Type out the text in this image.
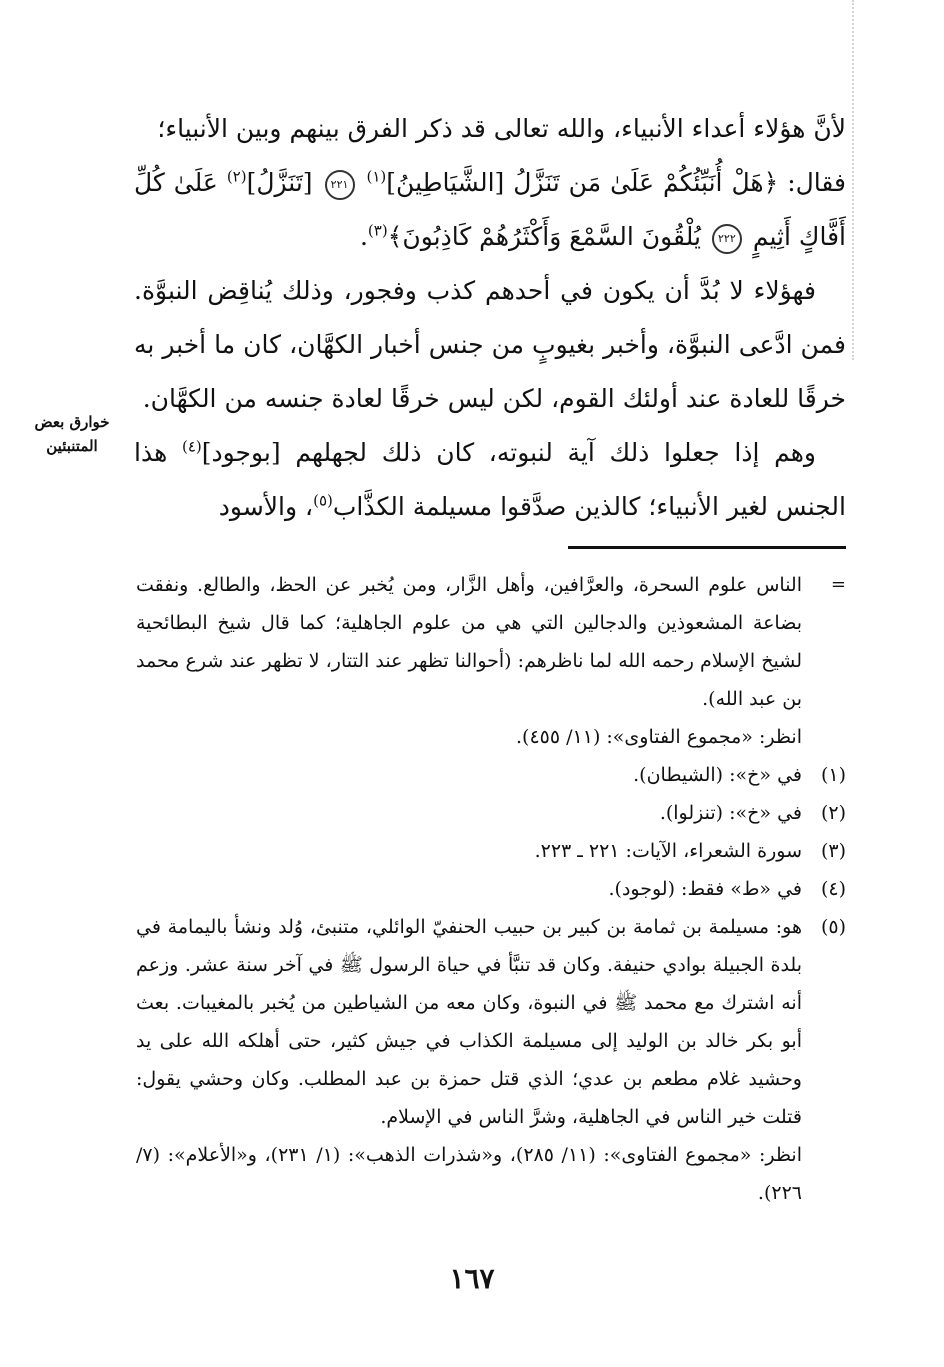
لأنَّ هؤلاء أعداء الأنبياء، والله تعالى قد ذكر الفرق بينهم وبين الأنبياء؛

فقال: ﴿هَلْ أُنَبِّئُكُمْ عَلَىٰ مَن تَنَزَّلُ [الشَّيَاطِينُ]$^{(١)}$ ٢٢١ [تَنَزَّلُ]$^{(٢)}$ عَلَىٰ كُلِّ أَفَّاكٍ أَثِيمٍ ٢٢٢ يُلْقُونَ السَّمْعَ وَأَكْثَرُهُمْ كَاذِبُونَ﴾$^{(٣)}$.

فهؤلاء لا بُدَّ أن يكون في أحدهم كذب وفجور، وذلك يُناقِض النبوَّة. فمن ادَّعى النبوَّة، وأخبر بغيوبٍ من جنس أخبار الكهَّان، كان ما أخبر به خرقًا للعادة عند أولئك القوم، لكن ليس خرقًا لعادة جنسه من الكهَّان.

وهم إذا جعلوا ذلك آية لنبوته، كان ذلك لجهلهم [بوجود]$^{(٤)}$ هذا الجنس لغير الأنبياء؛ كالذين صدَّقوا مسيلمة الكذَّاب$^{(٥)}$، والأسود

خوارق بعض
المتنبئين
=
الناس علوم السحرة، والعرَّافين، وأهل الزَّار، ومن يُخبر عن الحظ، والطالع. ونفقت بضاعة المشعوذين والدجالين التي هي من علوم الجاهلية؛ كما قال شيخ البطائحية لشيخ الإسلام رحمه الله لما ناظرهم: (أحوالنا تظهر عند التتار، لا تظهر عند شرع محمد بن عبد الله).
انظر: «مجموع الفتاوى»: (١١/ ٤٥٥).
(١)
في «خ»: (الشيطان).
(٢)
في «خ»: (تنزلوا).
(٣)
سورة الشعراء، الآيات: ٢٢١ ـ ٢٢٣.
(٤)
في «ط» فقط: (لوجود).
(٥)
هو: مسيلمة بن ثمامة بن كبير بن حبيب الحنفيّ الوائلي، متنبئ، وُلد ونشأ باليمامة في بلدة الجبيلة بوادي حنيفة. وكان قد تنبَّأ في حياة الرسول ﷺ في آخر سنة عشر. وزعم أنه اشترك مع محمد ﷺ في النبوة، وكان معه من الشياطين من يُخبر بالمغيبات. بعث أبو بكر خالد بن الوليد إلى مسيلمة الكذاب في جيش كثير، حتى أهلكه الله على يد وحشيد غلام مطعم بن عدي؛ الذي قتل حمزة بن عبد المطلب. وكان وحشي يقول: قتلت خير الناس في الجاهلية، وشرَّ الناس في الإسلام.
انظر: «مجموع الفتاوى»: (١١/ ٢٨٥)، و«شذرات الذهب»: (١/ ٢٣١)، و«الأعلام»: (٧/ ٢٢٦).
١٦٧
